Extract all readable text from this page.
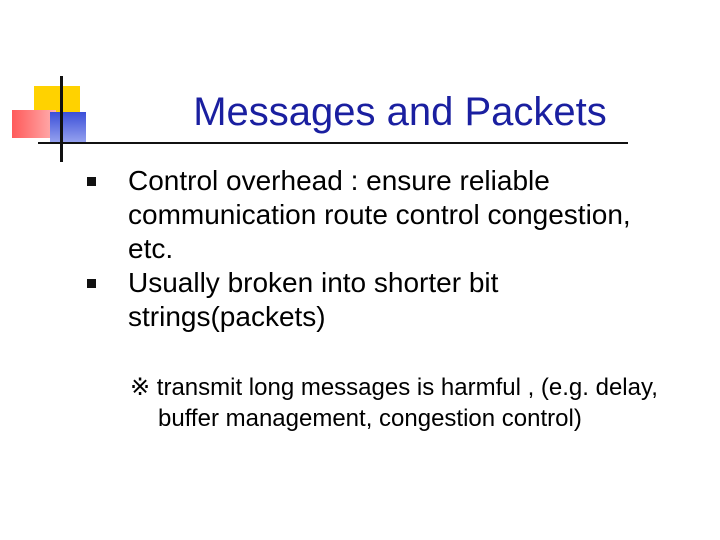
Messages and Packets
Control overhead : ensure reliable communication route control congestion, etc.
Usually broken into shorter bit strings(packets)
※ transmit long messages is harmful , (e.g. delay, buffer management, congestion control)
